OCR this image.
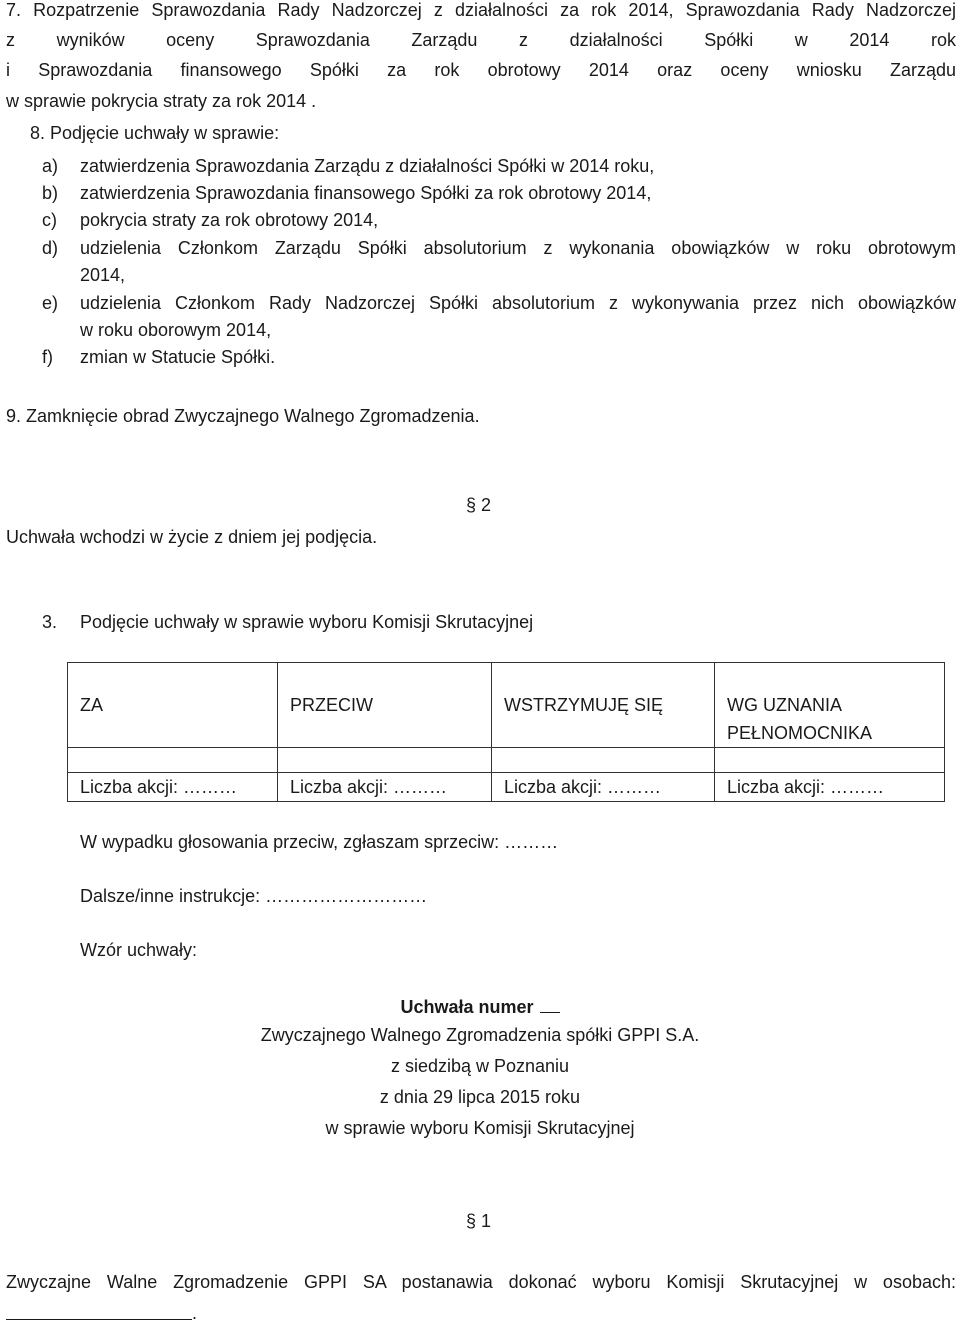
7. Rozpatrzenie Sprawozdania Rady Nadzorczej z działalności za rok 2014, Sprawozdania Rady Nadzorczej
z wyników oceny Sprawozdania Zarządu z działalności Spółki w 2014 rok
i Sprawozdania finansowego Spółki za rok obrotowy 2014 oraz oceny wniosku Zarządu
w sprawie pokrycia straty za rok 2014 .
8. Podjęcie uchwały w sprawie:
a) zatwierdzenia Sprawozdania Zarządu z działalności Spółki w 2014 roku,
b) zatwierdzenia Sprawozdania finansowego Spółki za rok obrotowy 2014,
c) pokrycia straty za rok obrotowy 2014,
d) udzielenia Członkom Zarządu Spółki absolutorium z wykonania obowiązków w roku obrotowym
2014,
e) udzielenia Członkom Rady Nadzorczej Spółki absolutorium z wykonywania przez nich obowiązków
w roku oborowym 2014,
f) zmian w Statucie Spółki.
9. Zamknięcie obrad Zwyczajnego Walnego Zgromadzenia.
§ 2
Uchwała wchodzi w życie z dniem jej podjęcia.
3. Podjęcie uchwały w sprawie wyboru Komisji Skrutacyjnej
ZA	PRZECIW	WSTRZYMUJĘ SIĘ	WG UZNANIA PEŁNOMOCNIKA

Liczba akcji: ………	Liczba akcji: ………	Liczba akcji: ………	Liczba akcji: ………
W wypadku głosowania przeciw, zgłaszam sprzeciw: ………
Dalsze/inne instrukcje: ………………………
Wzór uchwały:
Uchwała numer
Zwyczajnego Walnego Zgromadzenia spółki GPPI S.A.
z siedzibą w Poznaniu
z dnia 29 lipca 2015 roku
w sprawie wyboru Komisji Skrutacyjnej
§ 1
Zwyczajne Walne Zgromadzenie GPPI SA postanawia dokonać wyboru Komisji Skrutacyjnej w osobach:
.
